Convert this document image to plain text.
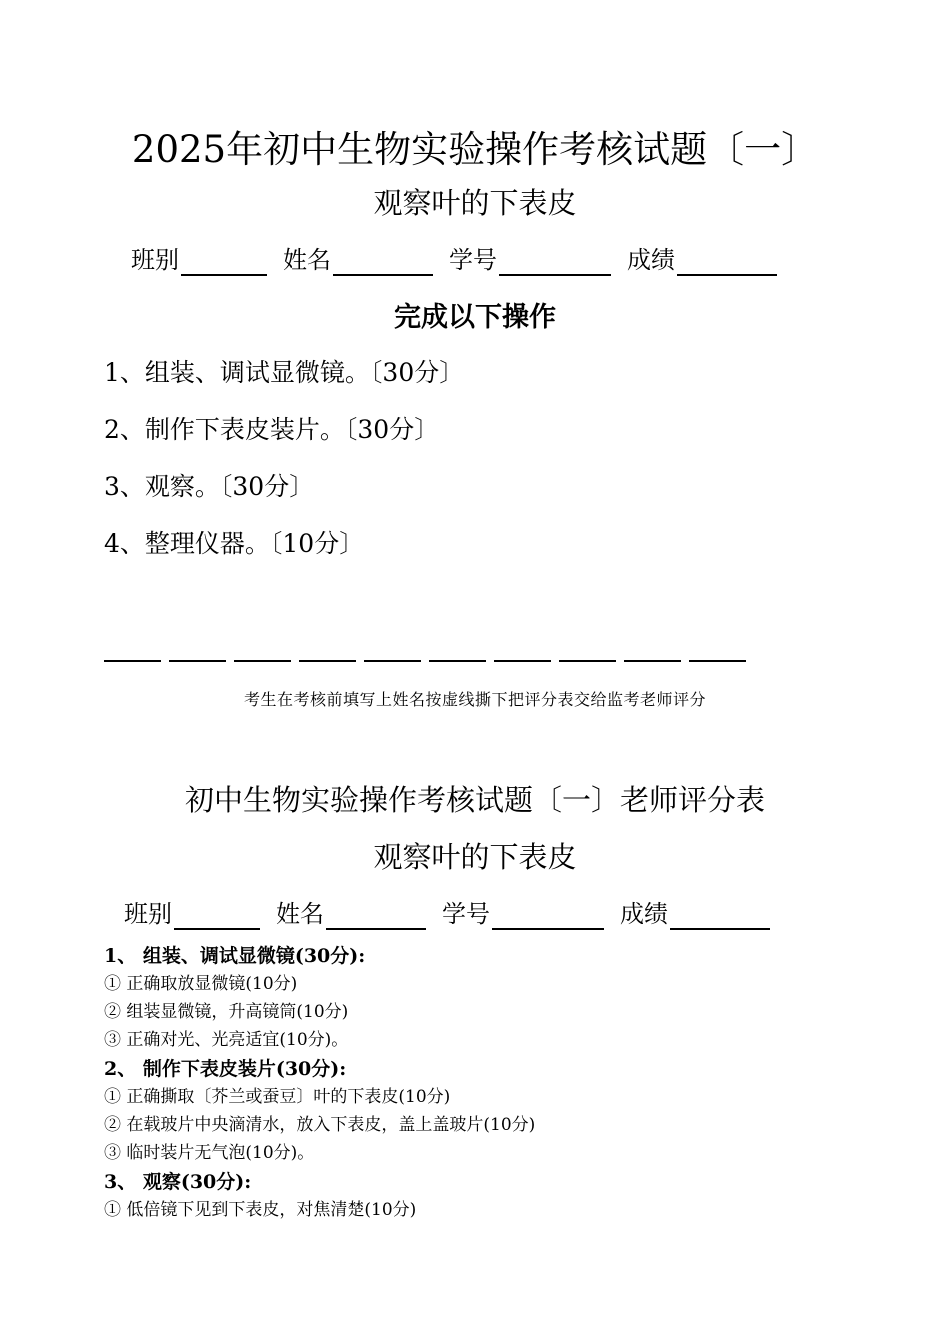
2025年初中生物实验操作考核试题〔一〕
观察叶的下表皮
班别	姓名	学号	成绩
完成以下操作
1、组装、调试显微镜。〔30分〕
2、制作下表皮装片。〔30分〕
3、观察。〔30分〕
4、整理仪器。〔10分〕
考生在考核前填写上姓名按虚线撕下把评分表交给监考老师评分
初中生物实验操作考核试题〔一〕老师评分表
观察叶的下表皮
班别	姓名	学号	成绩
1、 组装、调试显微镜(30分):
① 正确取放显微镜(10分)
② 组装显微镜，升高镜筒(10分)
③ 正确对光、光亮适宜(10分)。
2、 制作下表皮装片(30分):
① 正确撕取〔芥兰或蚕豆〕叶的下表皮(10分)
② 在载玻片中央滴清水，放入下表皮，盖上盖玻片(10分)
③ 临时装片无气泡(10分)。
3、 观察(30分):
① 低倍镜下见到下表皮，对焦清楚(10分)
